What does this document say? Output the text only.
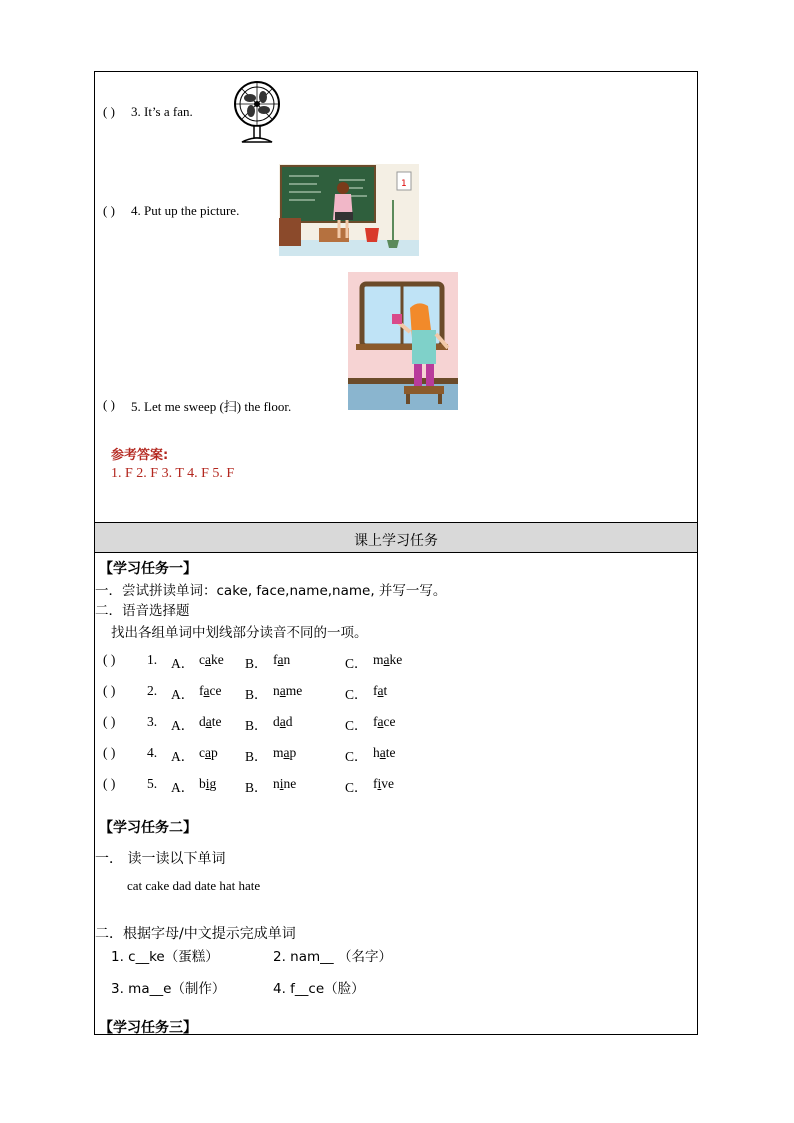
( ) 3. It’s a fan.
( ) 4. Put up the picture.
1
( ) 5. Let me sweep (扫) the floor.
参考答案:
1. F 2. F 3. T 4. F 5. F
课上学习任务
【学习任务一】
一．尝试拼读单词：cake, face,name,name, 并写一写。
二．语音选择题
找出各组单词中划线部分读音不同的一项。
( ) 1. A． cake B． fan	C． make
( ) 2. A． face B． name	C． fat
( ) 3. A． date B． dad	C． face
( ) 4. A． cap B． map	C． hate
( ) 5. A． big B． nine	C． five
【学习任务二】
一． 读一读以下单词
cat cake dad date hat hate
二．根据字母/中文提示完成单词
1. c__ke（蛋糕）	2. nam__ （名字）
3. ma__e（制作）	4. f__ce（脸）
【学习任务三】
